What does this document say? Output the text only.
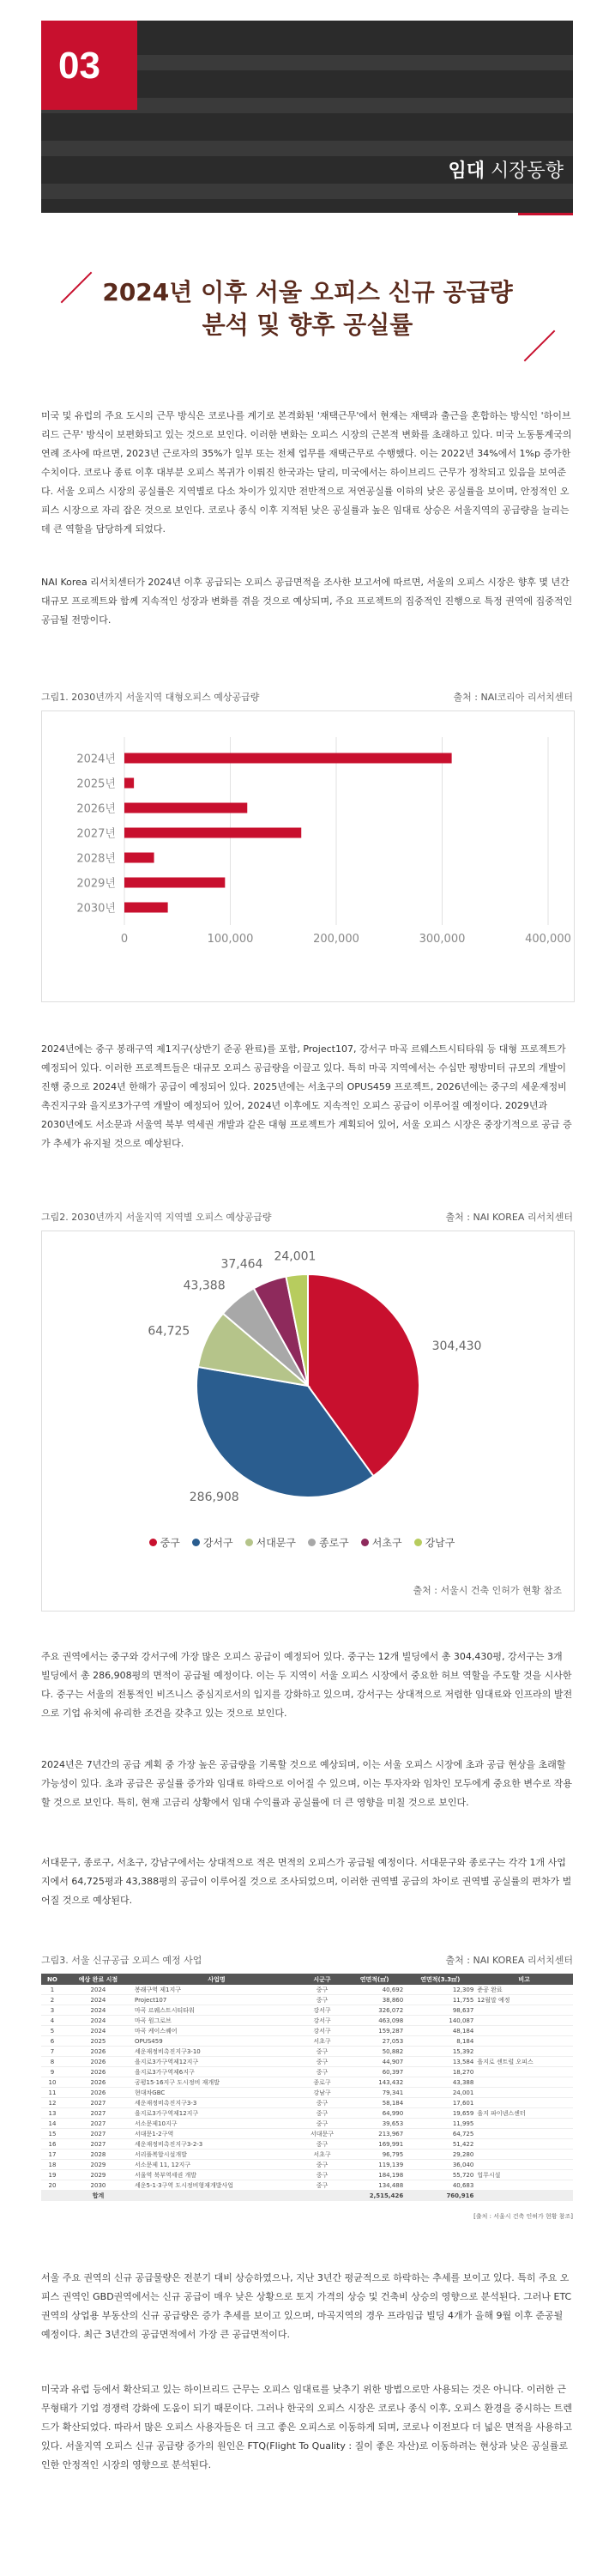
03
임대 시장동향
2024년 이후 서울 오피스 신규 공급량
분석 및 향후 공실률

미국 및 유럽의 주요 도시의 근무 방식은 코로나를 계기로 본격화된 '재택근무'에서 현재는 재택과 출근을 혼합하는 방식인 '하이브리드 근무' 방식이 보편화되고 있는 것으로 보인다. 이러한 변화는 오피스 시장의 근본적 변화를 초래하고 있다. 미국 노동통계국의 연례 조사에 따르면, 2023년 근로자의 35%가 일부 또는 전체 업무를 재택근무로 수행했다. 이는 2022년 34%에서 1%p 증가한 수치이다. 코로나 종료 이후 대부분 오피스 복귀가 이뤄진 한국과는 달리, 미국에서는 하이브리드 근무가 정착되고 있음을 보여준다. 서울 오피스 시장의 공실률은 지역별로 다소 차이가 있지만 전반적으로 저연공실률 이하의 낮은 공실률을 보이며, 안정적인 오피스 시장으로 자리 잡은 것으로 보인다. 코로나 종식 이후 지적된 낮은 공실률과 높은 임대료 상승은 서울지역의 공급량을 늘리는데 큰 역할을 담당하게 되었다.

NAI Korea 리서치센터가 2024년 이후 공급되는 오피스 공급면적을 조사한 보고서에 따르면, 서울의 오피스 시장은 향후 몇 년간 대규모 프로젝트와 함께 지속적인 성장과 변화를 겪을 것으로 예상되며, 주요 프로젝트의 집중적인 진행으로 특정 권역에 집중적인 공급될 전망이다.

그림1. 2030년까지 서울지역 대형오피스 예상공급량	출처 : NAI코리아 리서치센터
0	100,000	200,000	300,000	400,000
2024년
2025년
2026년
2027년
2028년
2029년
2030년

2024년에는 중구 봉래구역 제1지구(상반기 준공 완료)를 포함, Project107, 강서구 마곡 르웨스트시티타워 등 대형 프로젝트가 예정되어 있다. 이러한 프로젝트들은 대규모 오피스 공급량을 이끌고 있다. 특히 마곡 지역에서는 수십만 평방미터 규모의 개발이 진행 중으로 2024년 한해가 공급이 예정되어 있다. 2025년에는 서초구의 OPUS459 프로젝트, 2026년에는 중구의 세운재정비촉진지구와 을지로3가구역 개발이 예정되어 있어, 2024년 이후에도 지속적인 오피스 공급이 이루어질 예정이다. 2029년과 2030년에도 서소문과 서울역 북부 역세권 개발과 같은 대형 프로젝트가 계획되어 있어, 서울 오피스 시장은 중장기적으로 공급 증가 추세가 유지될 것으로 예상된다.

그림2. 2030년까지 서울지역 지역별 오피스 예상공급량	출처 : NAI KOREA 리서치센터
304,430
286,908
64,725
43,388
37,464
24,001
중구 강서구 서대문구 종로구 서초구 강남구
출처 : 서울시 건축 인허가 현황 참조

주요 권역에서는 중구와 강서구에 가장 많은 오피스 공급이 예정되어 있다. 중구는 12개 빌딩에서 총 304,430평, 강서구는 3개 빌딩에서 총 286,908평의 면적이 공급될 예정이다. 이는 두 지역이 서울 오피스 시장에서 중요한 허브 역할을 주도할 것을 시사한다. 중구는 서울의 전통적인 비즈니스 중심지로서의 입지를 강화하고 있으며, 강서구는 상대적으로 저렴한 임대료와 인프라의 발전으로 기업 유치에 유리한 조건을 갖추고 있는 것으로 보인다.

2024년은 7년간의 공급 계획 중 가장 높은 공급량을 기록할 것으로 예상되며, 이는 서울 오피스 시장에 초과 공급 현상을 초래할 가능성이 있다. 초과 공급은 공실률 증가와 임대료 하락으로 이어질 수 있으며, 이는 투자자와 임차인 모두에게 중요한 변수로 작용할 것으로 보인다. 특히, 현재 고금리 상황에서 임대 수익률과 공실률에 더 큰 영향을 미칠 것으로 보인다.

서대문구, 종로구, 서초구, 강남구에서는 상대적으로 적은 면적의 오피스가 공급될 예정이다. 서대문구와 종로구는 각각 1개 사업지에서 64,725평과 43,388평의 공급이 이루어질 것으로 조사되었으며, 이러한 권역별 공급의 차이로 권역별 공실률의 편차가 벌어질 것으로 예상된다.

그림3. 서울 신규공급 오피스 예정 사업	출처 : NAI KOREA 리서치센터
NO	예상 완료 시점	사업명	시군구	연면적(㎡)	연면적(3.3㎡)	비고
1	2024	봉래구역 제1지구	중구	40,692	12,309	준공 완료
2	2024	Project107	중구	38,860	11,755	12월말 예정
3	2024	마곡 르웨스트시티타워	강서구	326,072	98,637	
4	2024	마곡 원그로브	강서구	463,098	140,087	
5	2024	마곡 케이스퀘어	강서구	159,287	48,184	
6	2025	OPUS459	서초구	27,053	8,184	
7	2026	세운재정비촉진지구3-10	중구	50,882	15,392	
8	2026	을지로3가구역제12지구	중구	44,907	13,584	을지로 센트럴 오피스
9	2026	을지로3가구역제6지구	중구	60,397	18,270	
10	2026	공평15·16지구 도시정비 재개발	종로구	143,432	43,388	
11	2026	현대차GBC	강남구	79,341	24,001	
12	2027	세운재정비촉진지구3-3	중구	58,184	17,601	
13	2027	을지로3가구역제12지구	중구	64,990	19,659	을지 파이넨스센터
14	2027	서소문제10지구	중구	39,653	11,995	
15	2027	서대문1-2구역	서대문구	213,967	64,725	
16	2027	세운재정비촉진지구3-2-3	중구	169,991	51,422	
17	2028	서리풀복합시설개발	서초구	96,795	29,280	
18	2029	서소문제 11, 12지구	중구	119,139	36,040	
19	2029	서울역 북부역세권 개발	중구	184,198	55,720	업무시설
20	2030	세운5-1·3구역 도시정비형재개발사업	중구	134,488	40,683	
	합계			2,515,426	760,916	
[출처 : 서울시 건축 인허가 현황 참조]

서울 주요 권역의 신규 공급물량은 전분기 대비 상승하였으나, 지난 3년간 평균적으로 하락하는 추세를 보이고 있다. 특히 주요 오피스 권역인 GBD권역에서는 신규 공급이 매우 낮은 상황으로 토지 가격의 상승 및 건축비 상승의 영향으로 분석된다. 그러나 ETC권역의 상업용 부동산의 신규 공급량은 증가 추세를 보이고 있으며, 마곡지역의 경우 프라임급 빌딩 4개가 올해 9월 이후 준공될 예정이다. 최근 3년간의 공급면적에서 가장 큰 공급면적이다.

미국과 유럽 등에서 확산되고 있는 하이브리드 근무는 오피스 임대료를 낮추기 위한 방법으로만 사용되는 것은 아니다. 이러한 근무형태가 기업 경쟁력 강화에 도움이 되기 때문이다. 그러나 한국의 오피스 시장은 코로나 종식 이후, 오피스 환경을 중시하는 트렌드가 확산되었다. 따라서 많은 오피스 사용자들은 더 크고 좋은 오피스로 이동하게 되며, 코로나 이전보다 더 넓은 면적을 사용하고 있다. 서울지역 오피스 신규 공급량 증가의 원인은 FTQ(Flight To Quality : 질이 좋은 자산)로 이동하려는 현상과 낮은 공실률로 인한 안정적인 시장의 영향으로 분석된다.
